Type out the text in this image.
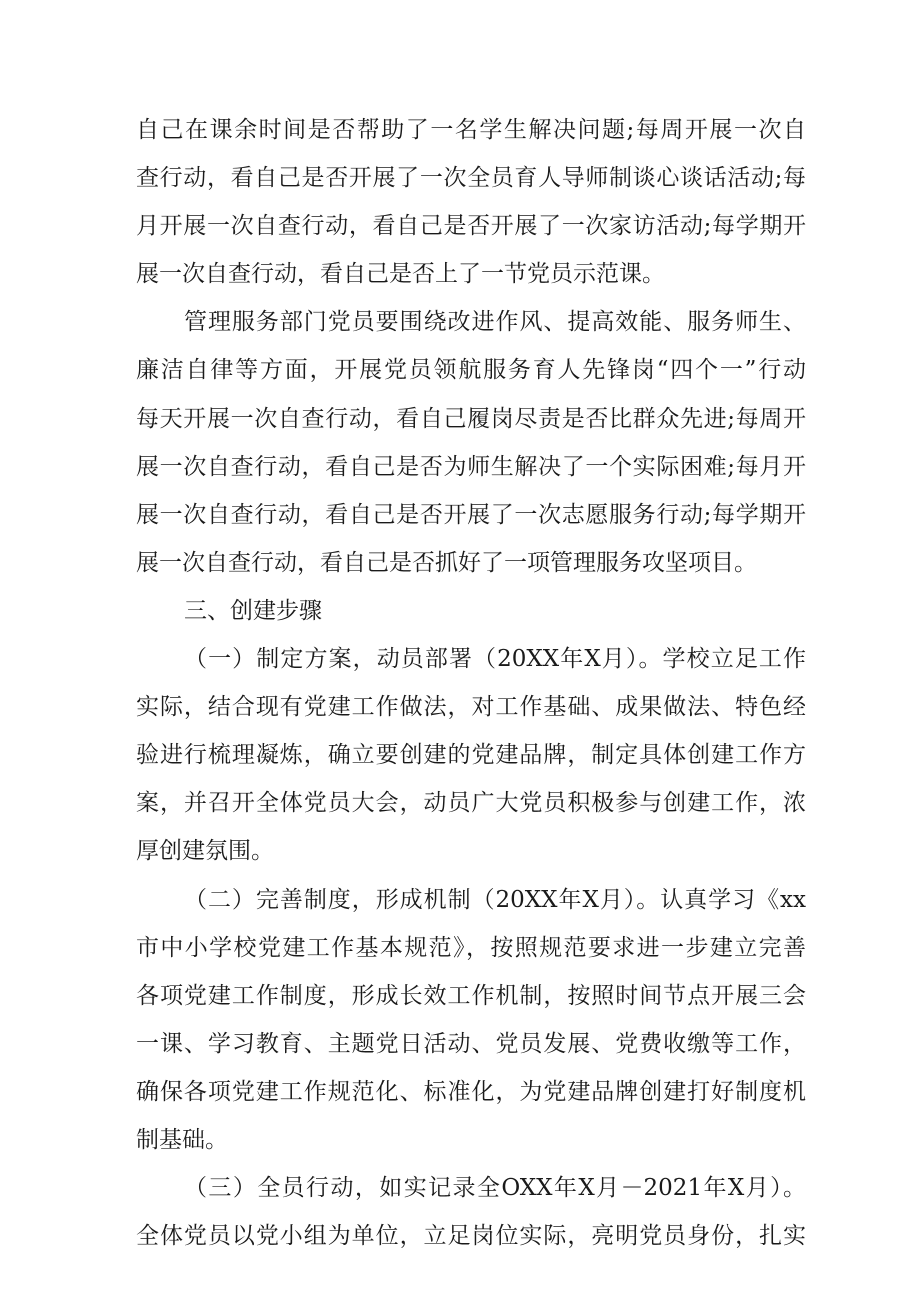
自己在课余时间是否帮助了一名学生解决问题;每周开展一次自
查行动，看自己是否开展了一次全员育人导师制谈心谈话活动;每
月开展一次自查行动，看自己是否开展了一次家访活动;每学期开
展一次自查行动，看自己是否上了一节党员示范课。
管理服务部门党员要围绕改进作风、提高效能、服务师生、
廉洁自律等方面，开展党员领航服务育人先锋岗“四个一”行动
每天开展一次自查行动，看自己履岗尽责是否比群众先进;每周开
展一次自查行动，看自己是否为师生解决了一个实际困难;每月开
展一次自查行动，看自己是否开展了一次志愿服务行动;每学期开
展一次自查行动，看自己是否抓好了一项管理服务攻坚项目。
三、创建步骤
（一）制定方案，动员部署（20XX年X月）。学校立足工作
实际，结合现有党建工作做法，对工作基础、成果做法、特色经
验进行梳理凝炼，确立要创建的党建品牌，制定具体创建工作方
案，并召开全体党员大会，动员广大党员积极参与创建工作，浓
厚创建氛围。
（二）完善制度，形成机制（20XX年X月）。认真学习《xx
市中小学校党建工作基本规范》，按照规范要求进一步建立完善
各项党建工作制度，形成长效工作机制，按照时间节点开展三会
一课、学习教育、主题党日活动、党员发展、党费收缴等工作，
确保各项党建工作规范化、标准化，为党建品牌创建打好制度机
制基础。
（三）全员行动，如实记录全OXX年X月－2021年X月）。
全体党员以党小组为单位，立足岗位实际，亮明党员身份，扎实
